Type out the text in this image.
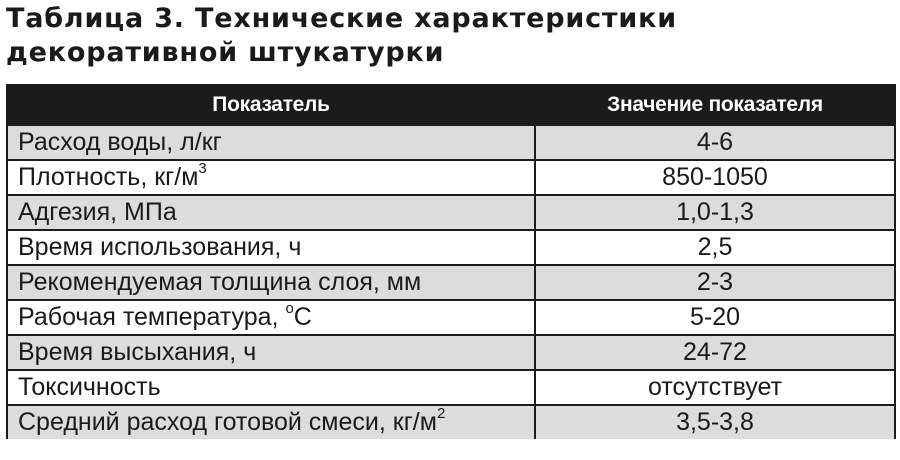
Таблица 3. Технические характеристики декоративной штукатурки
Показатель	Значение показателя
Расход воды, л/кг	4-6
Плотность, $кг/м^3$	850-1050
Адгезия, МПа	1,0-1,3
Время использования, ч	2,5
Рекомендуемая толщина слоя, мм	2-3
Рабочая температура, $^o$С	5-20
Время высыхания, ч	24-72
Токсичность	отсутствует
Средний расход готовой смеси, $кг/м^2$	3,5-3,8
